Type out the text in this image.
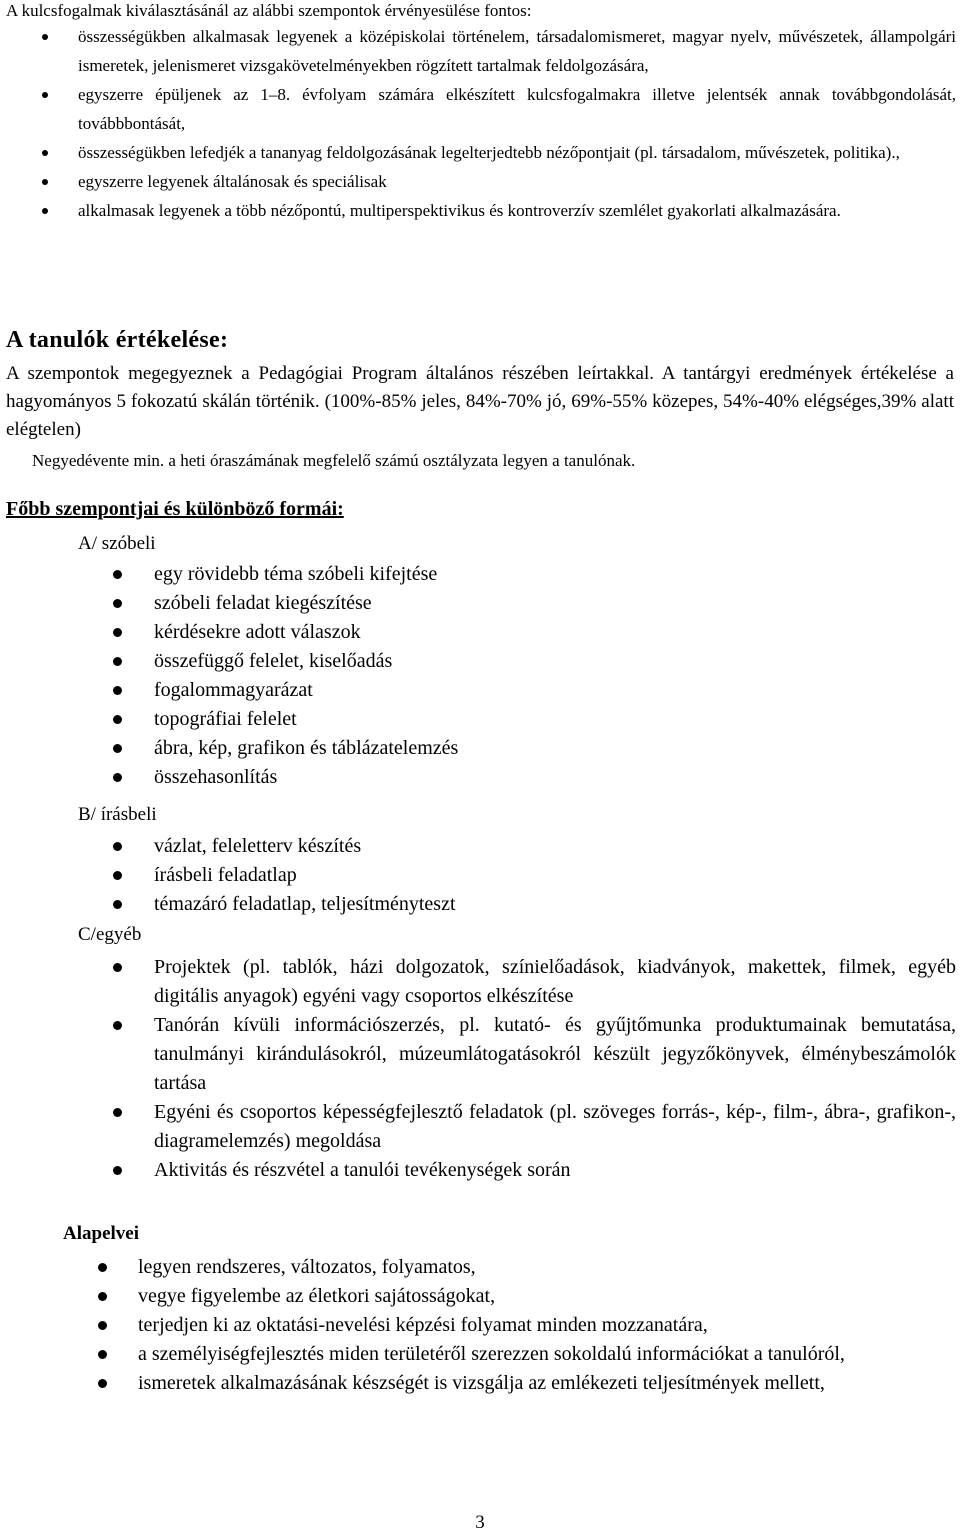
A kulcsfogalmak kiválasztásánál az alábbi szempontok érvényesülése fontos:
összességükben alkalmasak legyenek a középiskolai történelem, társadalomismeret, magyar nyelv, művészetek, állampolgári ismeretek, jelenismeret vizsgakövetelményekben rögzített tartalmak feldolgozására,
egyszerre épüljenek az 1–8. évfolyam számára elkészített kulcsfogalmakra illetve jelentsék annak továbbgondolását, továbbbontását,
összességükben lefedjék a tananyag feldolgozásának legelterjedtebb nézőpontjait (pl. társadalom, művészetek, politika).,
egyszerre legyenek általánosak és speciálisak
alkalmasak legyenek a több nézőpontú, multiperspektivikus és kontroverzív szemlélet gyakorlati alkalmazására.
A tanulók értékelése:
A szempontok megegyeznek a Pedagógiai Program általános részében leírtakkal. A tantárgyi eredmények értékelése a hagyományos 5 fokozatú skálán történik. (100%-85% jeles, 84%-70% jó, 69%-55% közepes, 54%-40% elégséges,39% alatt elégtelen)
Negyedévente min. a heti óraszámának megfelelő számú osztályzata legyen a tanulónak.
Főbb szempontjai és különböző formái:
A/ szóbeli
egy rövidebb téma szóbeli kifejtése
szóbeli feladat kiegészítése
kérdésekre adott válaszok
összefüggő felelet, kiselőadás
fogalommagyarázat
topográfiai felelet
ábra, kép, grafikon és táblázatelemzés
összehasonlítás
B/ írásbeli
vázlat, feleletterv készítés
írásbeli feladatlap
témazáró feladatlap, teljesítményteszt
C/egyéb
Projektek (pl. tablók, házi dolgozatok, színielőadások, kiadványok, makettek, filmek, egyéb digitális anyagok) egyéni vagy csoportos elkészítése
Tanórán kívüli információszerzés, pl. kutató- és gyűjtőmunka produktumainak bemutatása, tanulmányi kirándulásokról, múzeumlátogatásokról készült jegyzőkönyvek, élménybeszámolók tartása
Egyéni és csoportos képességfejlesztő feladatok (pl. szöveges forrás-, kép-, film-, ábra-, grafikon-, diagramelemzés) megoldása
Aktivitás és részvétel a tanulói tevékenységek során
Alapelvei
legyen rendszeres, változatos, folyamatos,
vegye figyelembe az életkori sajátosságokat,
terjedjen ki az oktatási-nevelési képzési folyamat minden mozzanatára,
a személyiségfejlesztés miden területéről szerezzen sokoldalú információkat a tanulóról,
ismeretek alkalmazásának készségét is vizsgálja az emlékezeti teljesítmények mellett,
3
